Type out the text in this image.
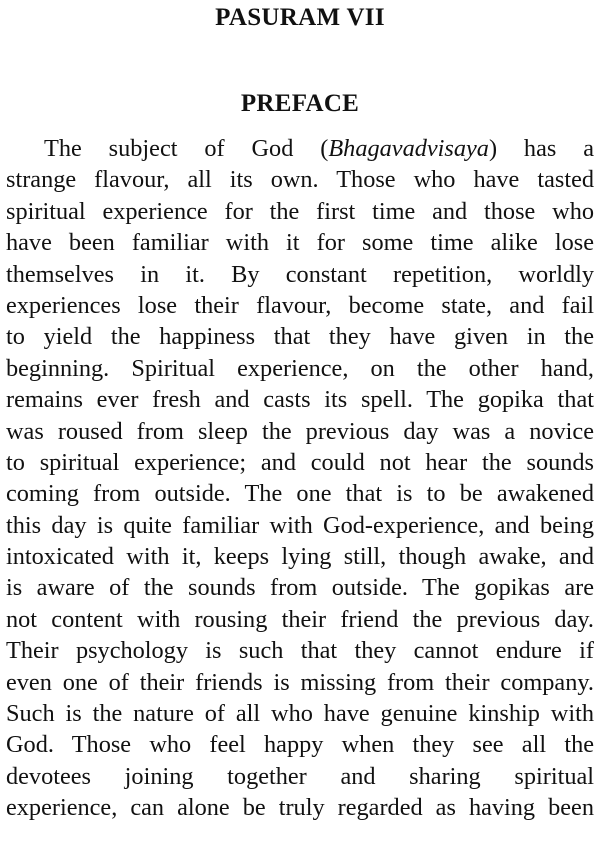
PASURAM VII
PREFACE
The subject of God (Bhagavadvisaya) has a
strange flavour, all its own. Those who have tasted
spiritual experience for the first time and those who
have been familiar with it for some time alike lose
themselves in it. By constant repetition, worldly
experiences lose their flavour, become state, and fail
to yield the happiness that they have given in the
beginning. Spiritual experience, on the other hand,
remains ever fresh and casts its spell. The gopika that
was roused from sleep the previous day was a novice
to spiritual experience; and could not hear the sounds
coming from outside. The one that is to be awakened
this day is quite familiar with God-experience, and being
intoxicated with it, keeps lying still, though awake, and
is aware of the sounds from outside. The gopikas are
not content with rousing their friend the previous day.
Their psychology is such that they cannot endure if
even one of their friends is missing from their company.
Such is the nature of all who have genuine kinship with
God. Those who feel happy when they see all the
devotees joining together and sharing spiritual
experience, can alone be truly regarded as having been
